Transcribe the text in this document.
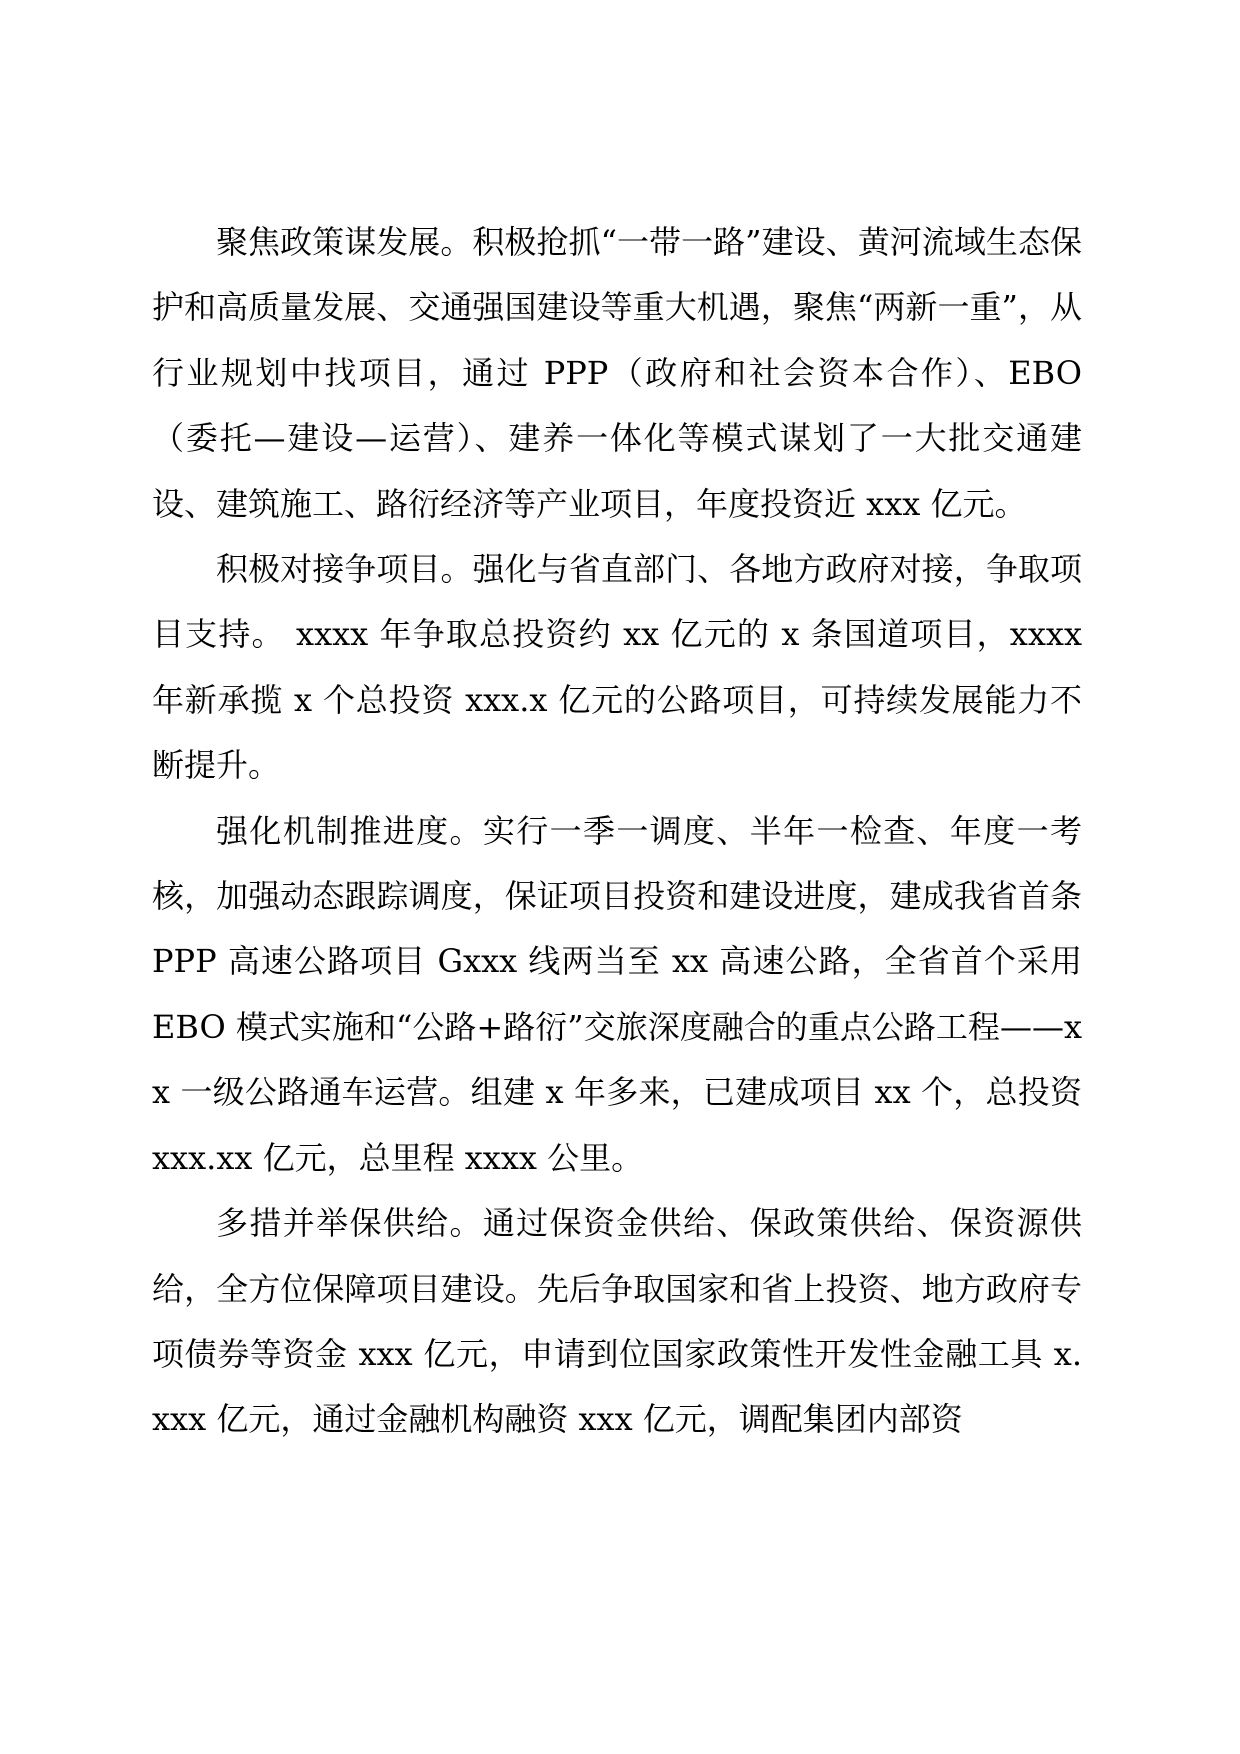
聚焦政策谋发展。积极抢抓“一带一路”建设、黄河流域生态保护和高质量发展、交通强国建设等重大机遇，聚焦“两新一重”，从行业规划中找项目，通过 PPP（政府和社会资本合作）、EBO（委托—建设—运营）、建养一体化等模式谋划了一大批交通建设、建筑施工、路衍经济等产业项目，年度投资近 xxx 亿元。

积极对接争项目。强化与省直部门、各地方政府对接，争取项目支持。 xxxx 年争取总投资约 xx 亿元的 x 条国道项目，xxxx 年新承揽 x 个总投资 xxx.x 亿元的公路项目，可持续发展能力不断提升。

强化机制推进度。实行一季一调度、半年一检查、年度一考核，加强动态跟踪调度，保证项目投资和建设进度，建成我省首条 PPP 高速公路项目 Gxxx 线两当至 xx 高速公路，全省首个采用 EBO 模式实施和“公路+路衍”交旅深度融合的重点公路工程——xx 一级公路通车运营。组建 x 年多来，已建成项目 xx 个，总投资 xxx.xx 亿元，总里程 xxxx 公里。

多措并举保供给。通过保资金供给、保政策供给、保资源供给，全方位保障项目建设。先后争取国家和省上投资、地方政府专项债券等资金 xxx 亿元，申请到位国家政策性开发性金融工具 x.xxx 亿元，通过金融机构融资 xxx 亿元，调配集团内部资
